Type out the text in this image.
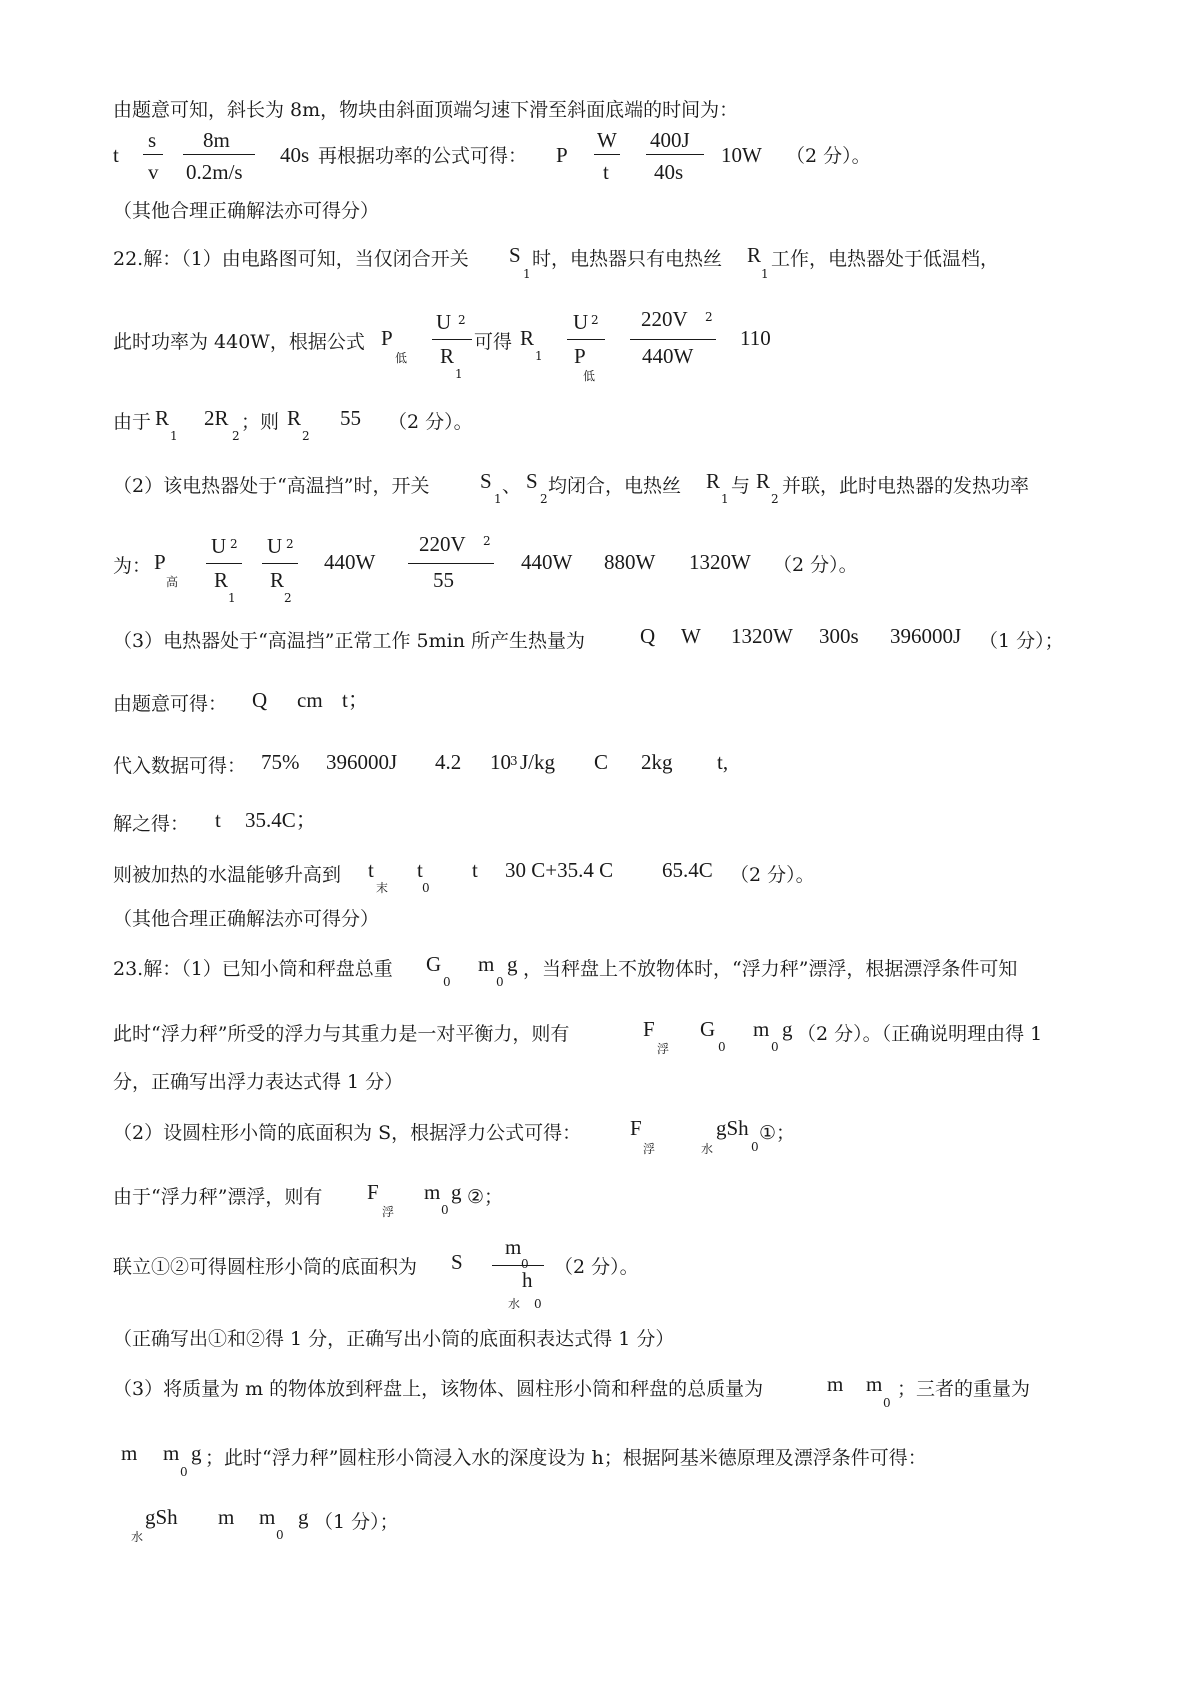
由题意可知，斜长为 8m，物块由斜面顶端匀速下滑至斜面底端的时间为：
t
s
v
8m
0.2m/s
40s 再根据功率的公式可得： P
W
t
400J
40s
10W （2 分）。
（其他合理正确解法亦可得分）
22.解：（1）由电路图可知，当仅闭合开关 S
1
时，电热器只有电热丝 R
1
工作，电热器处于低温档，
此时功率为 440W，根据公式 P
低
U 2
R
1
可得 R
1
U 2
P
低
220V 2
440W
110
由于 R
1
2R
2
；则 R
2
55 （2 分）。
（2）该电热器处于“高温挡”时，开关 S
1
、 S
2
均闭合，电热丝 R
1
与 R
2
并联，此时电热器的发热功率
为： P
高
U 2
R
1
U 2
R
2
440W
220V 2
55
440W 880W 1320W （2 分）。
（3）电热器处于“高温挡”正常工作 5min 所产生热量为	Q W 1320W 300s 396000J （1 分）；
由题意可得： Q cm t；
代入数据可得： 75% 396000J 4.2 10 3 J/kg C 2kg t,
解之得： t 35.4C；
则被加热的水温能够升高到 t
末
t
0
t 30 C+35.4 C 65.4C （2 分）。
（其他合理正确解法亦可得分）
23.解：（1）已知小筒和秤盘总重 G
0
m
0
g ，当秤盘上不放物体时，“浮力秤”漂浮，根据漂浮条件可知
此时“浮力秤”所受的浮力与其重力是一对平衡力，则有	F
浮
G
0
m
0
g （2 分）。（正确说明理由得 1
分，正确写出浮力表达式得 1 分）
（2）设圆柱形小筒的底面积为 S，根据浮力公式可得： F
浮	水
gSh
0
①；
由于“浮力秤”漂浮，则有 F
浮
m
0
g ②；
联立①②可得圆柱形小筒的底面积为 S
m
0
h
水 0
（2 分）。
（正确写出①和②得 1 分，正确写出小筒的底面积表达式得 1 分）
（3）将质量为 m 的物体放到秤盘上，该物体、圆柱形小筒和秤盘的总质量为	m m
0
；三者的重量为
m m
0
g ；此时“浮力秤”圆柱形小筒浸入水的深度设为 h；根据阿基米德原理及漂浮条件可得：
水
gSh m m
0
g （1 分）；
